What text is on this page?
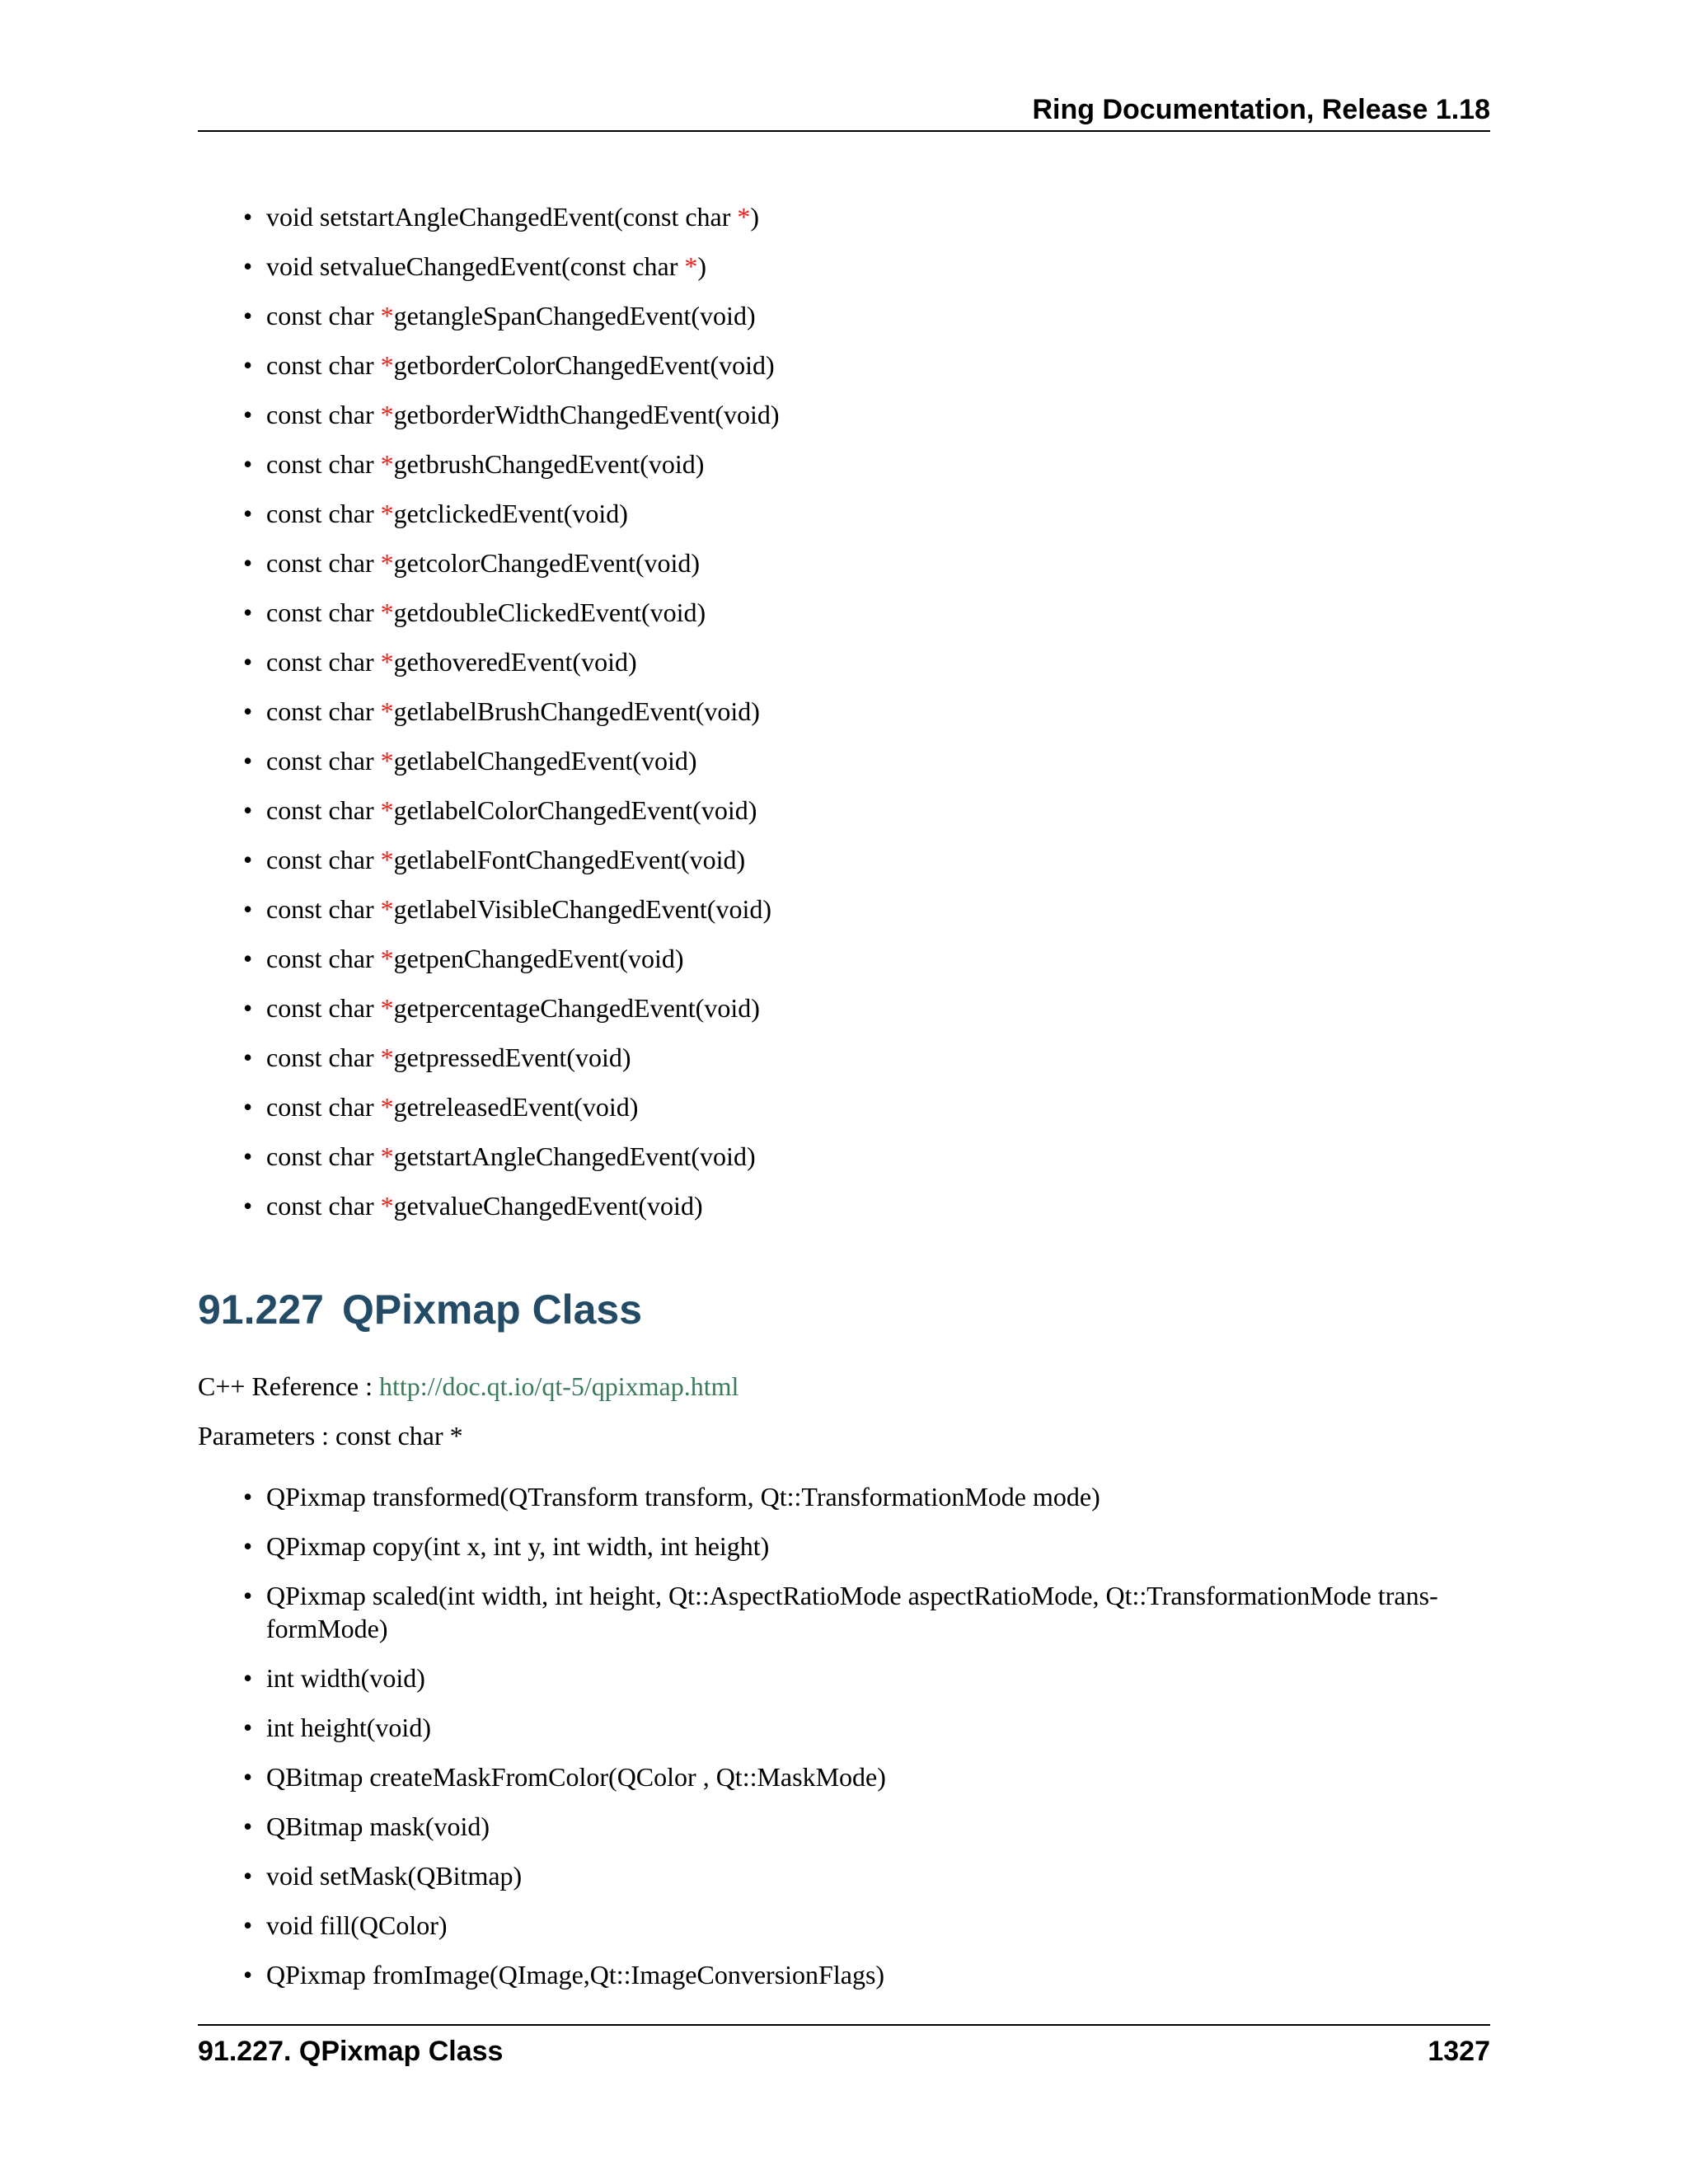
Ring Documentation, Release 1.18
• void setstartAngleChangedEvent(const char *)
• void setvalueChangedEvent(const char *)
• const char *getangleSpanChangedEvent(void)
• const char *getborderColorChangedEvent(void)
• const char *getborderWidthChangedEvent(void)
• const char *getbrushChangedEvent(void)
• const char *getclickedEvent(void)
• const char *getcolorChangedEvent(void)
• const char *getdoubleClickedEvent(void)
• const char *gethoveredEvent(void)
• const char *getlabelBrushChangedEvent(void)
• const char *getlabelChangedEvent(void)
• const char *getlabelColorChangedEvent(void)
• const char *getlabelFontChangedEvent(void)
• const char *getlabelVisibleChangedEvent(void)
• const char *getpenChangedEvent(void)
• const char *getpercentageChangedEvent(void)
• const char *getpressedEvent(void)
• const char *getreleasedEvent(void)
• const char *getstartAngleChangedEvent(void)
• const char *getvalueChangedEvent(void)
91.227 QPixmap Class

C++ Reference : http://doc.qt.io/qt-5/qpixmap.html

Parameters : const char *

• QPixmap transformed(QTransform transform, Qt::TransformationMode mode)
• QPixmap copy(int x, int y, int width, int height)
• QPixmap scaled(int width, int height, Qt::AspectRatioMode aspectRatioMode, Qt::TransformationMode trans-formMode)
• int width(void)
• int height(void)
• QBitmap createMaskFromColor(QColor , Qt::MaskMode)
• QBitmap mask(void)
• void setMask(QBitmap)
• void fill(QColor)
• QPixmap fromImage(QImage,Qt::ImageConversionFlags)
91.227. QPixmap Class	1327
